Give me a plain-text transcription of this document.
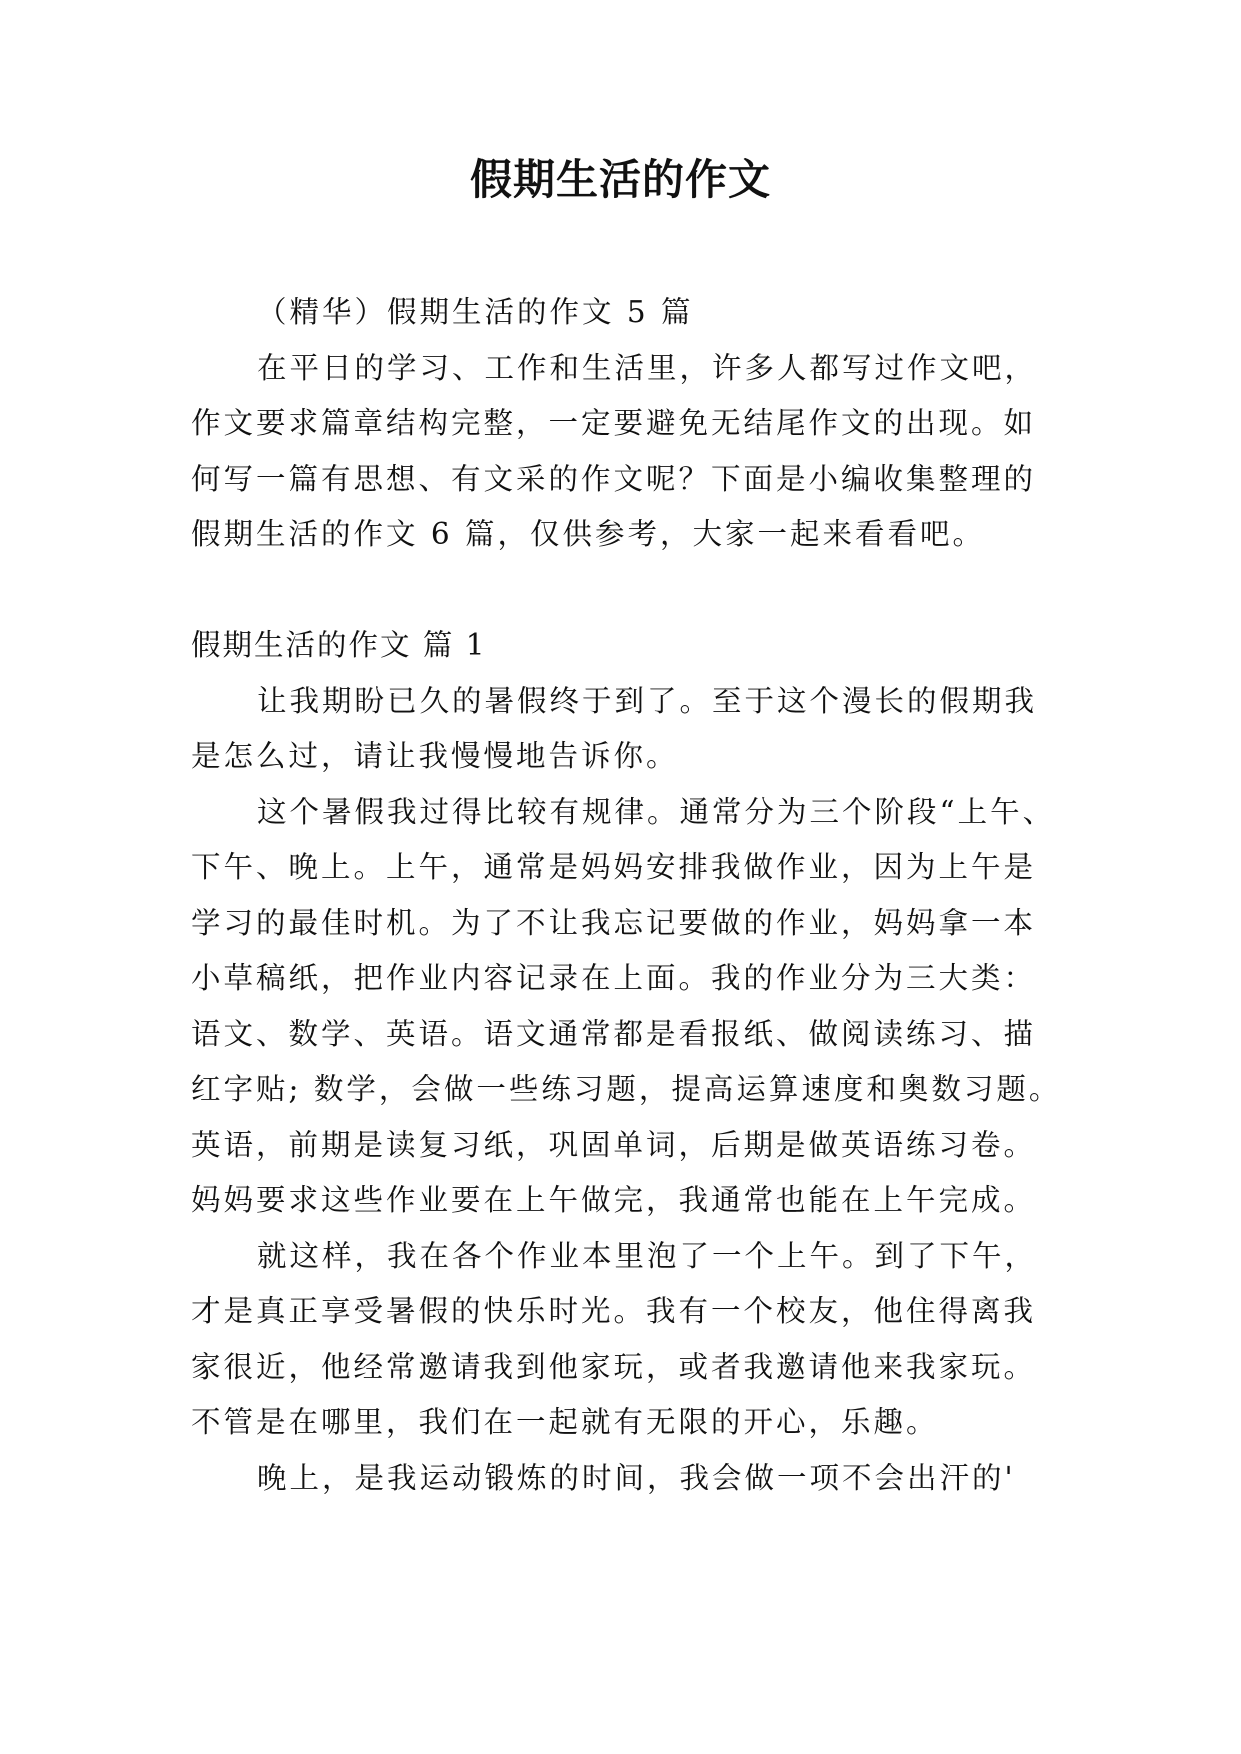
假期生活的作文
（精华）假期生活的作文 5 篇
在平日的学习、工作和生活里，许多人都写过作文吧，
作文要求篇章结构完整，一定要避免无结尾作文的出现。如
何写一篇有思想、有文采的作文呢？下面是小编收集整理的
假期生活的作文 6 篇，仅供参考，大家一起来看看吧。
假期生活的作文 篇 1
让我期盼已久的暑假终于到了。至于这个漫长的假期我
是怎么过，请让我慢慢地告诉你。
这个暑假我过得比较有规律。通常分为三个阶段“上午、
下午、晚上。上午，通常是妈妈安排我做作业，因为上午是
学习的最佳时机。为了不让我忘记要做的作业，妈妈拿一本
小草稿纸，把作业内容记录在上面。我的作业分为三大类：
语文、数学、英语。语文通常都是看报纸、做阅读练习、描
红字贴; 数学，会做一些练习题，提高运算速度和奥数习题。
英语，前期是读复习纸，巩固单词，后期是做英语练习卷。
妈妈要求这些作业要在上午做完，我通常也能在上午完成。
就这样，我在各个作业本里泡了一个上午。到了下午，
才是真正享受暑假的快乐时光。我有一个校友，他住得离我
家很近，他经常邀请我到他家玩，或者我邀请他来我家玩。
不管是在哪里，我们在一起就有无限的开心，乐趣。
晚上，是我运动锻炼的时间，我会做一项不会出汗的'
